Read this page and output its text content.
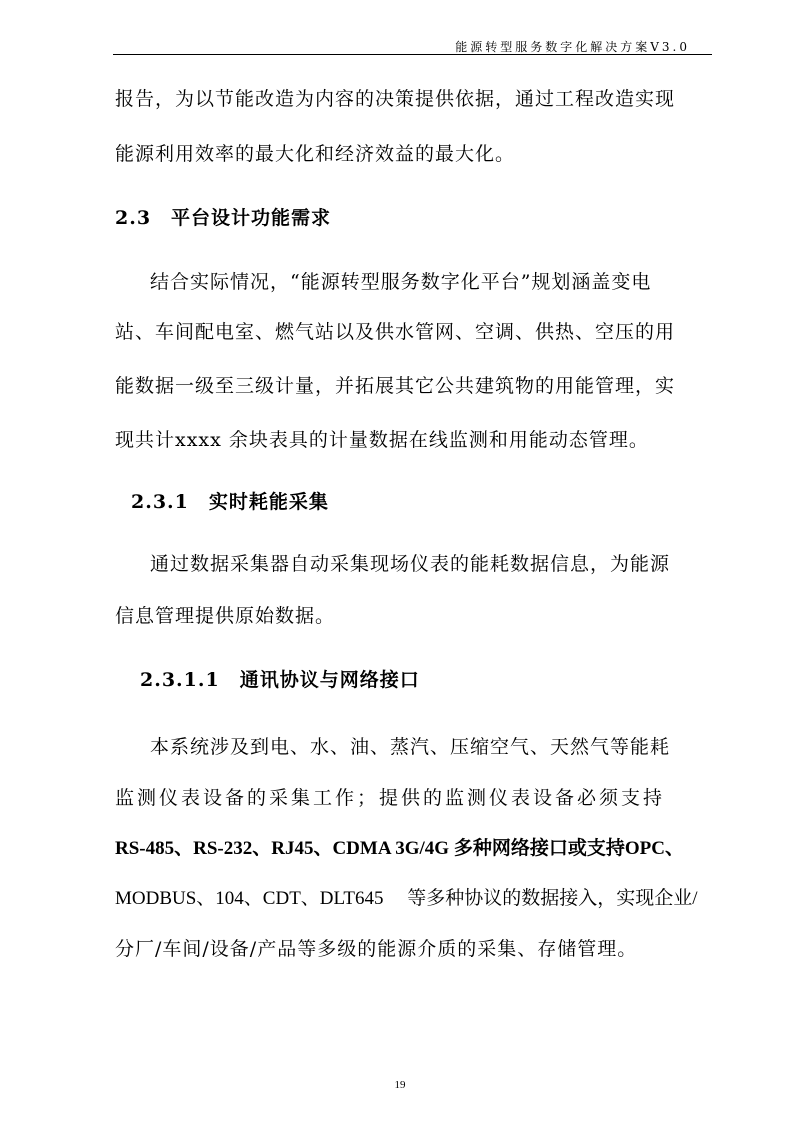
能源转型服务数字化解决方案V3.0
报告，为以节能改造为内容的决策提供依据，通过工程改造实现
能源利用效率的最大化和经济效益的最大化。
2.3　平台设计功能需求
结合实际情况，“能源转型服务数字化平台”规划涵盖变电
站、车间配电室、燃气站以及供水管网、空调、供热、空压的用
能数据一级至三级计量，并拓展其它公共建筑物的用能管理，实
现共计xxxx 余块表具的计量数据在线监测和用能动态管理。
2.3.1　实时耗能采集
通过数据采集器自动采集现场仪表的能耗数据信息，为能源
信息管理提供原始数据。
2.3.1.1　通讯协议与网络接口
本系统涉及到电、水、油、蒸汽、压缩空气、天然气等能耗
监测仪表设备的采集工作；提供的监测仪表设备必须支持
RS-485、RS-232、RJ45、CDMA 3G/4G 多种网络接口或支持OPC、
MODBUS、104、CDT、DLT645　 等多种协议的数据接入，实现企业/
分厂/车间/设备/产品等多级的能源介质的采集、存储管理。
19
